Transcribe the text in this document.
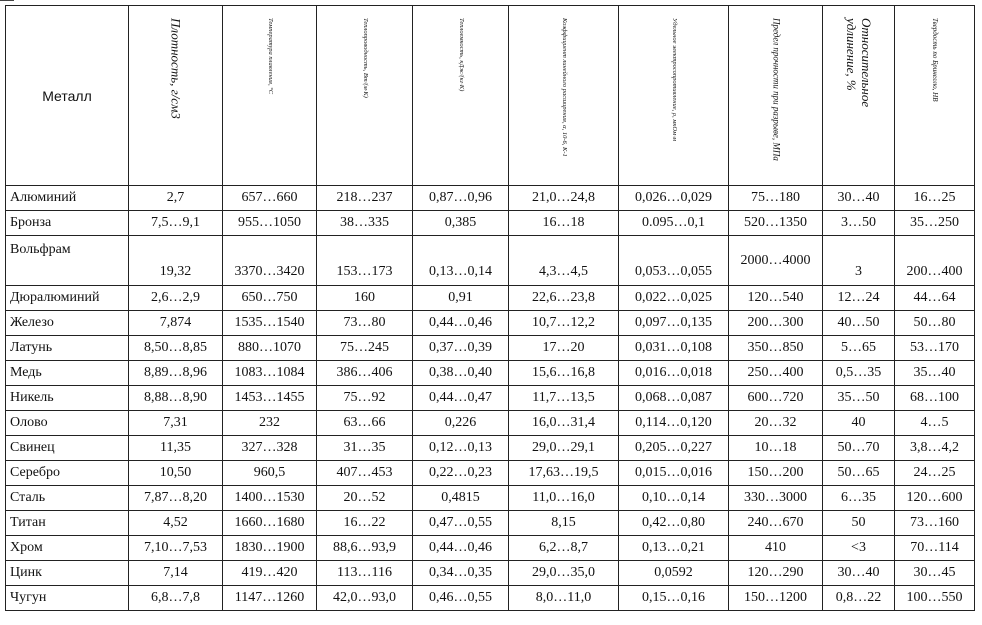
Металл	Плотность, г/см3	Температура плавления, °С	Теплопроводность, Вт/(м·К)	Теплоемкость, кДж/(кг·К)	Коэффициент линейного расширения, α, 10-6, К-1	Удельное электросопротивление, ρ, мкОм·м	Предел прочности при разрыве, МПа	Относительное удлинение, %	Твердость по Бринеллю, НВ

Алюминий	2,7	657…660	218…237	0,87…0,96	21,0…24,8	0,026…0,029	75…180	30…40	16…25
Бронза	7,5…9,1	955…1050	38…335	0,385	16…18	0.095…0,1	520…1350	3…50	35…250
Вольфрам	19,32	3370…3420	153…173	0,13…0,14	4,3…4,5	0,053…0,055	2000…4000	3	200…400
Дюралюминий	2,6…2,9	650…750	160	0,91	22,6…23,8	0,022…0,025	120…540	12…24	44…64
Железо	7,874	1535…1540	73…80	0,44…0,46	10,7…12,2	0,097…0,135	200…300	40…50	50…80
Латунь	8,50…8,85	880…1070	75…245	0,37…0,39	17…20	0,031…0,108	350…850	5…65	53…170
Медь	8,89…8,96	1083…1084	386…406	0,38…0,40	15,6…16,8	0,016…0,018	250…400	0,5…35	35…40
Никель	8,88…8,90	1453…1455	75…92	0,44…0,47	11,7…13,5	0,068…0,087	600…720	35…50	68…100
Олово	7,31	232	63…66	0,226	16,0…31,4	0,114…0,120	20…32	40	4…5
Свинец	11,35	327…328	31…35	0,12…0,13	29,0…29,1	0,205…0,227	10…18	50…70	3,8…4,2
Серебро	10,50	960,5	407…453	0,22…0,23	17,63…19,5	0,015…0,016	150…200	50…65	24…25
Сталь	7,87…8,20	1400…1530	20…52	0,4815	11,0…16,0	0,10…0,14	330…3000	6…35	120…600
Титан	4,52	1660…1680	16…22	0,47…0,55	8,15	0,42…0,80	240…670	50	73…160
Хром	7,10…7,53	1830…1900	88,6…93,9	0,44…0,46	6,2…8,7	0,13…0,21	410	<3	70…114
Цинк	7,14	419…420	113…116	0,34…0,35	29,0…35,0	0,0592	120…290	30…40	30…45
Чугун	6,8…7,8	1147…1260	42,0…93,0	0,46…0,55	8,0…11,0	0,15…0,16	150…1200	0,8…22	100…550
